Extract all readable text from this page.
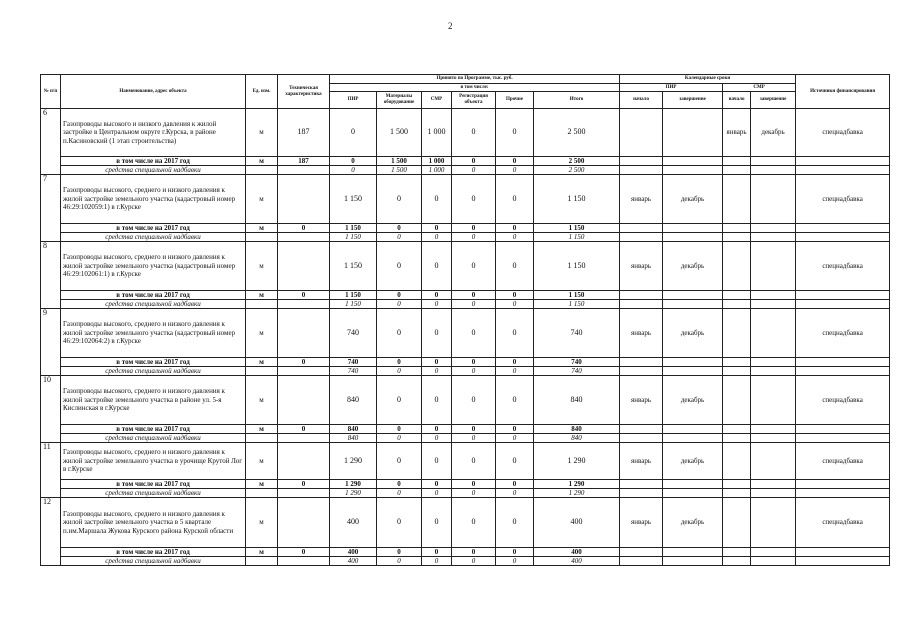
2
№ п/п	Наименование, адрес объекта	Ед. изм.	Техническая характеристика	Принято по Программе, тыс. руб.						Календарные сроки				Источники финансирования
				в том числе:						ПИР		СМР		
				ПИР	Материалы оборудование	СМР	Регистрация объекта	Прочие	Итого	начало	завершение	начало	завершение	
6	Газопроводы высокого и низкого давления к жилой застройке в Центральном округе г.Курска, в районе п.Касиновский (1 этап строительства)	м	187	0	1 500	1 000	0	0	2 500			январь	декабрь	спецнадбавка
	в том числе на 2017 год	м	187	0	1 500	1 000	0	0	2 500					
	средства специальной надбавки			0	1 500	1 000	0	0	2 500					
7	Газопроводы высокого, среднего и низкого давления к жилой застройке земельного участка (кадастровый номер 46:29:102059:1) в г.Курске	м		1 150	0	0	0	0	1 150	январь	декабрь			спецнадбавка
	в том числе на 2017 год	м	0	1 150	0	0	0	0	1 150					
	средства специальной надбавки			1 150	0	0	0	0	1 150					
8	Газопроводы высокого, среднего и низкого давления к жилой застройке земельного участка (кадастровый номер 46:29:102061:1) в г.Курске	м		1 150	0	0	0	0	1 150	январь	декабрь			спецнадбавка
	в том числе на 2017 год	м	0	1 150	0	0	0	0	1 150					
	средства специальной надбавки			1 150	0	0	0	0	1 150					
9	Газопроводы высокого, среднего и низкого давления к жилой застройке земельного участка (кадастровый номер 46:29:102064:2) в г.Курске	м		740	0	0	0	0	740	январь	декабрь			спецнадбавка
	в том числе на 2017 год	м	0	740	0	0	0	0	740					
	средства специальной надбавки			740	0	0	0	0	740					
10	Газопроводы высокого, среднего и низкого давления к жилой застройке земельного участка в районе ул. 5-я Кислинская в г.Курске	м		840	0	0	0	0	840	январь	декабрь			спецнадбавка
	в том числе на 2017 год	м	0	840	0	0	0	0	840					
	средства специальной надбавки			840	0	0	0	0	840					
11	Газопроводы высокого, среднего и низкого давления к жилой застройке земельного участка в урочище Крутой Лог в г.Курске	м		1 290	0	0	0	0	1 290	январь	декабрь			спецнадбавка
	в том числе на 2017 год	м	0	1 290	0	0	0	0	1 290					
	средства специальной надбавки			1 290	0	0	0	0	1 290					
12	Газопроводы высокого, среднего и низкого давления к жилой застройке земельного участка в 5 квартале п.им.Маршала Жукова Курского района Курской области	м		400	0	0	0	0	400	январь	декабрь			спецнадбавка
	в том числе на 2017 год	м	0	400	0	0	0	0	400					
	средства специальной надбавки			400	0	0	0	0	400					
